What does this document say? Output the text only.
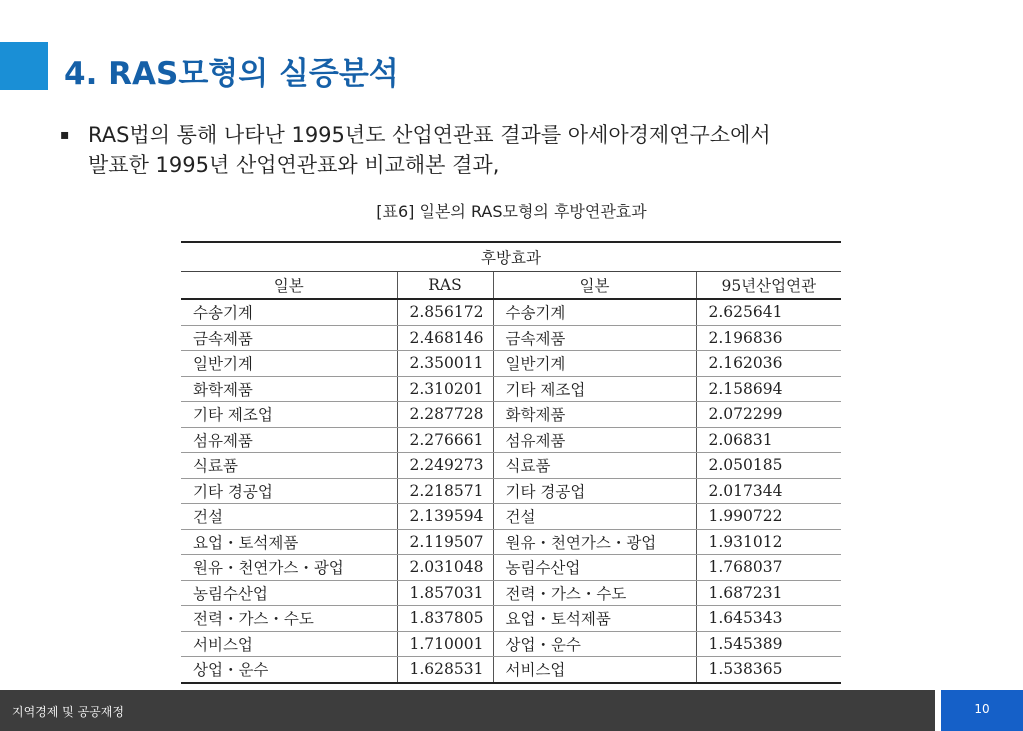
4. RAS모형의 실증분석
▪ RAS법의 통해 나타난 1995년도 산업연관표 결과를 아세아경제연구소에서
발표한 1995년 산업연관표와 비교해본 결과,
[표6] 일본의 RAS모형의 후방연관효과
후방효과			
일본	RAS	일본	95년산업연관
수송기계	2.856172	수송기계	2.625641
금속제품	2.468146	금속제품	2.196836
일반기계	2.350011	일반기계	2.162036
화학제품	2.310201	기타 제조업	2.158694
기타 제조업	2.287728	화학제품	2.072299
섬유제품	2.276661	섬유제품	2.06831
식료품	2.249273	식료품	2.050185
기타 경공업	2.218571	기타 경공업	2.017344
건설	2.139594	건설	1.990722
요업・토석제품	2.119507	원유・천연가스・광업	1.931012
원유・천연가스・광업	2.031048	농림수산업	1.768037
농림수산업	1.857031	전력・가스・수도	1.687231
전력・가스・수도	1.837805	요업・토석제품	1.645343
서비스업	1.710001	상업・운수	1.545389
상업・운수	1.628531	서비스업	1.538365
지역경제 및 공공재정	10
